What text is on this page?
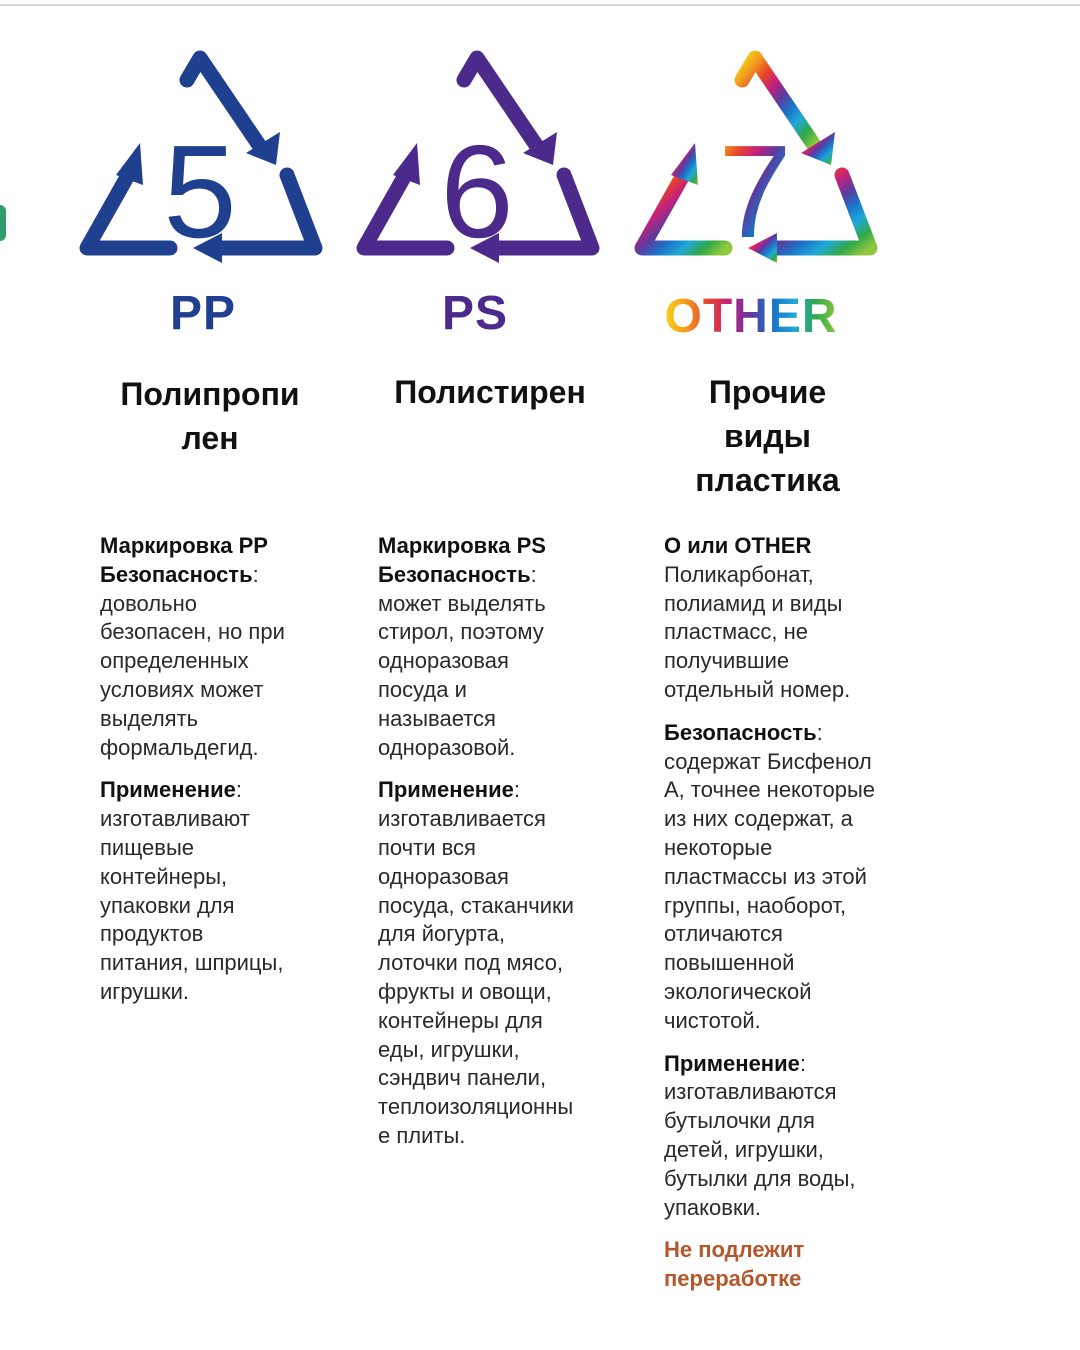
5
PP
Полипропи
лен
Маркировка PP
Безопасность:
довольно
безопасен, но при
определенных
условиях может
выделять
формальдегид.
Применение:
изготавливают
пищевые
контейнеры,
упаковки для
продуктов
питания, шприцы,
игрушки.
6
PS
Полистирен
Маркировка PS
Безопасность:
может выделять
стирол, поэтому
одноразовая
посуда и
называется
одноразовой.
Применение:
изготавливается
почти вся
одноразовая
посуда, стаканчики
для йогурта,
лоточки под мясо,
фрукты и овощи,
контейнеры для
еды, игрушки,
сэндвич панели,
теплоизоляционны
е плиты.
7
OTHER
Прочие
виды
пластика
О или OTHER
Поликарбонат,
полиамид и виды
пластмасс, не
получившие
отдельный номер.
Безопасность:
содержат Бисфенол
А, точнее некоторые
из них содержат, а
некоторые
пластмассы из этой
группы, наоборот,
отличаются
повышенной
экологической
чистотой.
Применение:
изготавливаются
бутылочки для
детей, игрушки,
бутылки для воды,
упаковки.
Не подлежит
переработке
